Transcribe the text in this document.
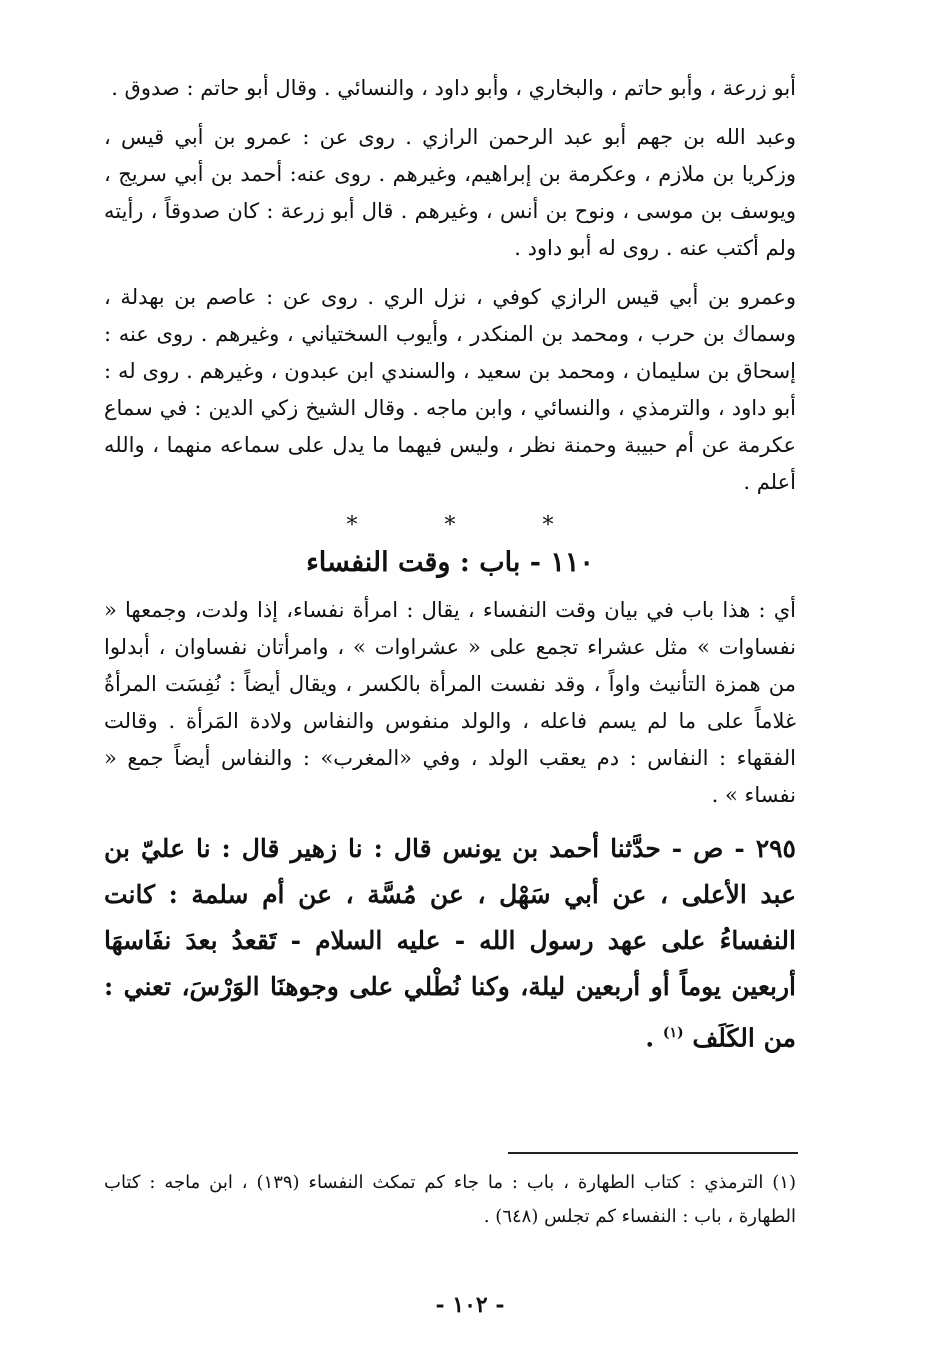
أبو زرعة ، وأبو حاتم ، والبخاري ، وأبو داود ، والنسائي . وقال أبو حاتم : صدوق .

وعبد الله بن جهم أبو عبد الرحمن الرازي . روى عن : عمرو بن أبي قيس ، وزكريا بن ملازم ، وعكرمة بن إبراهيم، وغيرهم . روى عنه: أحمد بن أبي سريج ، ويوسف بن موسى ، ونوح بن أنس ، وغيرهم . قال أبو زرعة : كان صدوقاً ، رأيته ولم أكتب عنه . روى له أبو داود .

وعمرو بن أبي قيس الرازي كوفي ، نزل الري . روى عن : عاصم بن بهدلة ، وسماك بن حرب ، ومحمد بن المنكدر ، وأيوب السختياني ، وغيرهم . روى عنه : إسحاق بن سليمان ، ومحمد بن سعيد ، والسندي ابن عبدون ، وغيرهم . روى له : أبو داود ، والترمذي ، والنسائي ، وابن ماجه . وقال الشيخ زكي الدين : في سماع عكرمة عن أم حبيبة وحمنة نظر ، وليس فيهما ما يدل على سماعه منهما ، والله أعلم .

* * *
١١٠ - باب : وقت النفساء

أي : هذا باب في بيان وقت النفساء ، يقال : امرأة نفساء، إذا ولدت، وجمعها « نفساوات » مثل عشراء تجمع على « عشراوات » ، وامرأتان نفساوان ، أبدلوا من همزة التأنيث واواً ، وقد نفست المرأة بالكسر ، ويقال أيضاً : نُفِسَت المرأةُ غلاماً على ما لم يسم فاعله ، والولد منفوس والنفاس ولادة المَرأة . وقالت الفقهاء : النفاس : دم يعقب الولد ، وفي «المغرب» : والنفاس أيضاً جمع « نفساء » .

٢٩٥ - ص - حدَّثنا أحمد بن يونس قال : نا زهير قال : نا عليّ بن عبد الأعلى ، عن أبي سَهْل ، عن مُسَّة ، عن أم سلمة : كانت النفساءُ على عهد رسول الله - عليه السلام - تَقعدُ بعدَ نفَاسهَا أربعين يوماً أو أربعين ليلة، وكنا نُطْلي على وجوهنَا الوَرْسَ، تعني : من الكَلَف $^{(١)}$ .

(١) الترمذي : كتاب الطهارة ، باب : ما جاء كم تمكث النفساء (١٣٩) ، ابن ماجه : كتاب الطهارة ، باب : النفساء كم تجلس (٦٤٨) .
- ١٠٢ -
